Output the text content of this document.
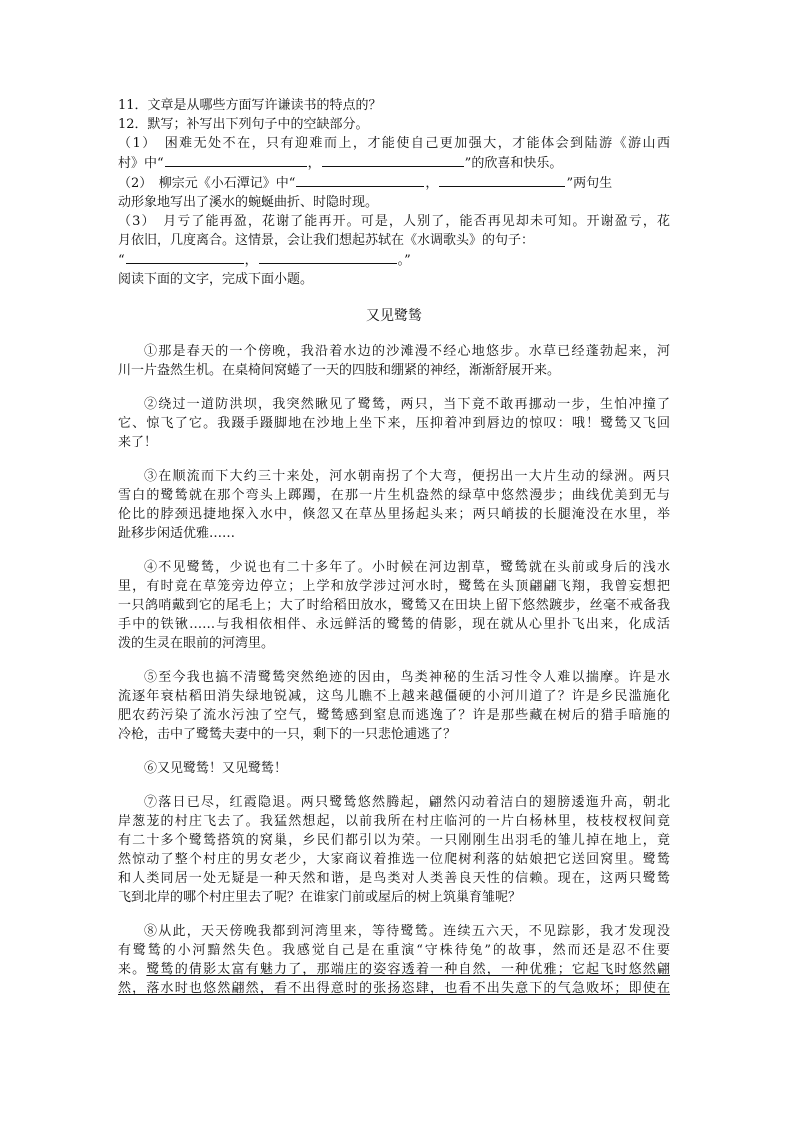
11．文章是从哪些方面写许谦读书的特点的？

12．默写；补写出下列句子中的空缺部分。

（1）　困难无处不在，只有迎难而上，才能使自己更加强大，才能体会到陆游《游山西

村》中“	，	”的欣喜和快乐。

（2）　柳宗元《小石潭记》中“	，	”两句生

动形象地写出了溪水的蜿蜒曲折、时隐时现。

（3）　月亏了能再盈，花谢了能再开。可是，人别了，能否再见却未可知。开谢盈亏，花

月依旧，几度离合。这情景，会让我们想起苏轼在《水调歌头》的句子：

“	，	。”

阅读下面的文字，完成下面小题。

又见鹭鸶

①那是春天的一个傍晚，我沿着水边的沙滩漫不经心地悠步。水草已经蓬勃起来，河

川一片盎然生机。在桌椅间窝蜷了一天的四肢和绷紧的神经，渐渐舒展开来。

②绕过一道防洪坝，我突然瞅见了鹭鸶，两只，当下竟不敢再挪动一步，生怕冲撞了

它、惊飞了它。我蹑手蹑脚地在沙地上坐下来，压抑着冲到唇边的惊叹：哦！鹭鸶又飞回

来了！

③在顺流而下大约三十来处，河水朝南拐了个大弯，便拐出一大片生动的绿洲。两只

雪白的鹭鸶就在那个弯头上踯躅，在那一片生机盎然的绿草中悠然漫步；曲线优美到无与

伦比的脖颈迅捷地探入水中，倏忽又在草丛里扬起头来；两只峭拔的长腿淹没在水里，举

趾移步闲适优雅……

④不见鹭鸶，少说也有二十多年了。小时候在河边割草，鹭鸶就在头前或身后的浅水

里，有时竟在草笼旁边停立；上学和放学涉过河水时，鹭鸶在头顶翩翩飞翔，我曾妄想把

一只鸽哨戴到它的尾毛上；大了时给稻田放水，鹭鸶又在田块上留下悠然踱步，丝毫不戒备我

手中的铁锹……与我相依相伴、永远鲜活的鹭鸶的倩影，现在就从心里扑飞出来，化成活

泼的生灵在眼前的河湾里。

⑤至今我也搞不清鹭鸶突然绝迹的因由，鸟类神秘的生活习性令人难以揣摩。许是水

流逐年衰枯稻田消失绿地锐减，这鸟儿瞧不上越来越僵硬的小河川道了？许是乡民滥施化

肥农药污染了流水污浊了空气，鹭鸶感到窒息而逃逸了？许是那些藏在树后的猎手暗施的

冷枪，击中了鹭鸶夫妻中的一只，剩下的一只悲怆逋逃了？

⑥又见鹭鸶！又见鹭鸶！

⑦落日已尽，红霞隐退。两只鹭鸶悠然腾起，翩然闪动着洁白的翅膀逶迤升高，朝北

岸葱茏的村庄飞去了。我猛然想起，以前我所在村庄临河的一片白杨林里，枝枝杈杈间竟

有二十多个鹭鸶搭筑的窝巢，乡民们都引以为荣。一只刚刚生出羽毛的雏儿掉在地上，竟

然惊动了整个村庄的男女老少，大家商议着推选一位爬树利落的姑娘把它送回窝里。鹭鸶

和人类同居一处无疑是一种天然和谐，是鸟类对人类善良天性的信赖。现在，这两只鹭鸶

飞到北岸的哪个村庄里去了呢？在谁家门前或屋后的树上筑巢育雏呢？

⑧从此，天天傍晚我都到河湾里来，等待鹭鸶。连续五六天，不见踪影，我才发现没

有鹭鸶的小河黯然失色。我感觉自己是在重演“守株待兔”的故事，然而还是忍不住要

来。鹭鸶的倩影太富有魅力了，那端庄的姿容透着一种自然，一种优雅；它起飞时悠然翩

然，落水时也悠然翩然，看不出得意时的张扬恣肆，也看不出失意下的气急败坏；即使在
